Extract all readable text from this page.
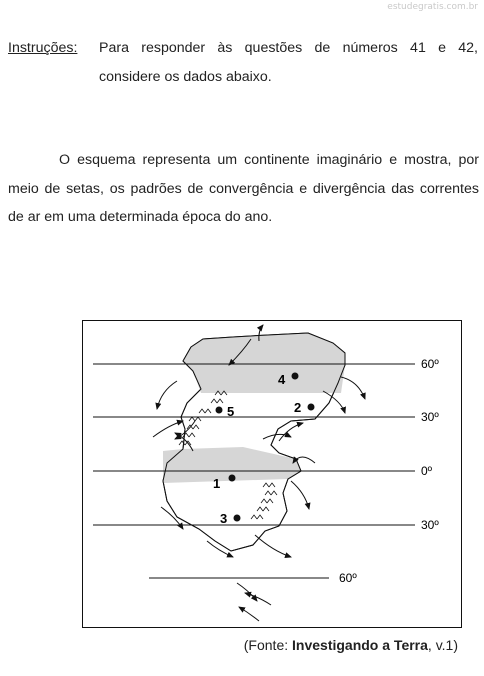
estudegratis.com.br
Instruções:	Para responder às questões de números 41 e 42,
considere os dados abaixo.
O esquema representa um continente imaginário e mostra, por meio de setas, os padrões de convergência e divergência das correntes de ar em uma determinada época do ano.
60º
30º
0º
30º
60º
1
2
3
4
5
(Fonte: Investigando a Terra, v.1)
